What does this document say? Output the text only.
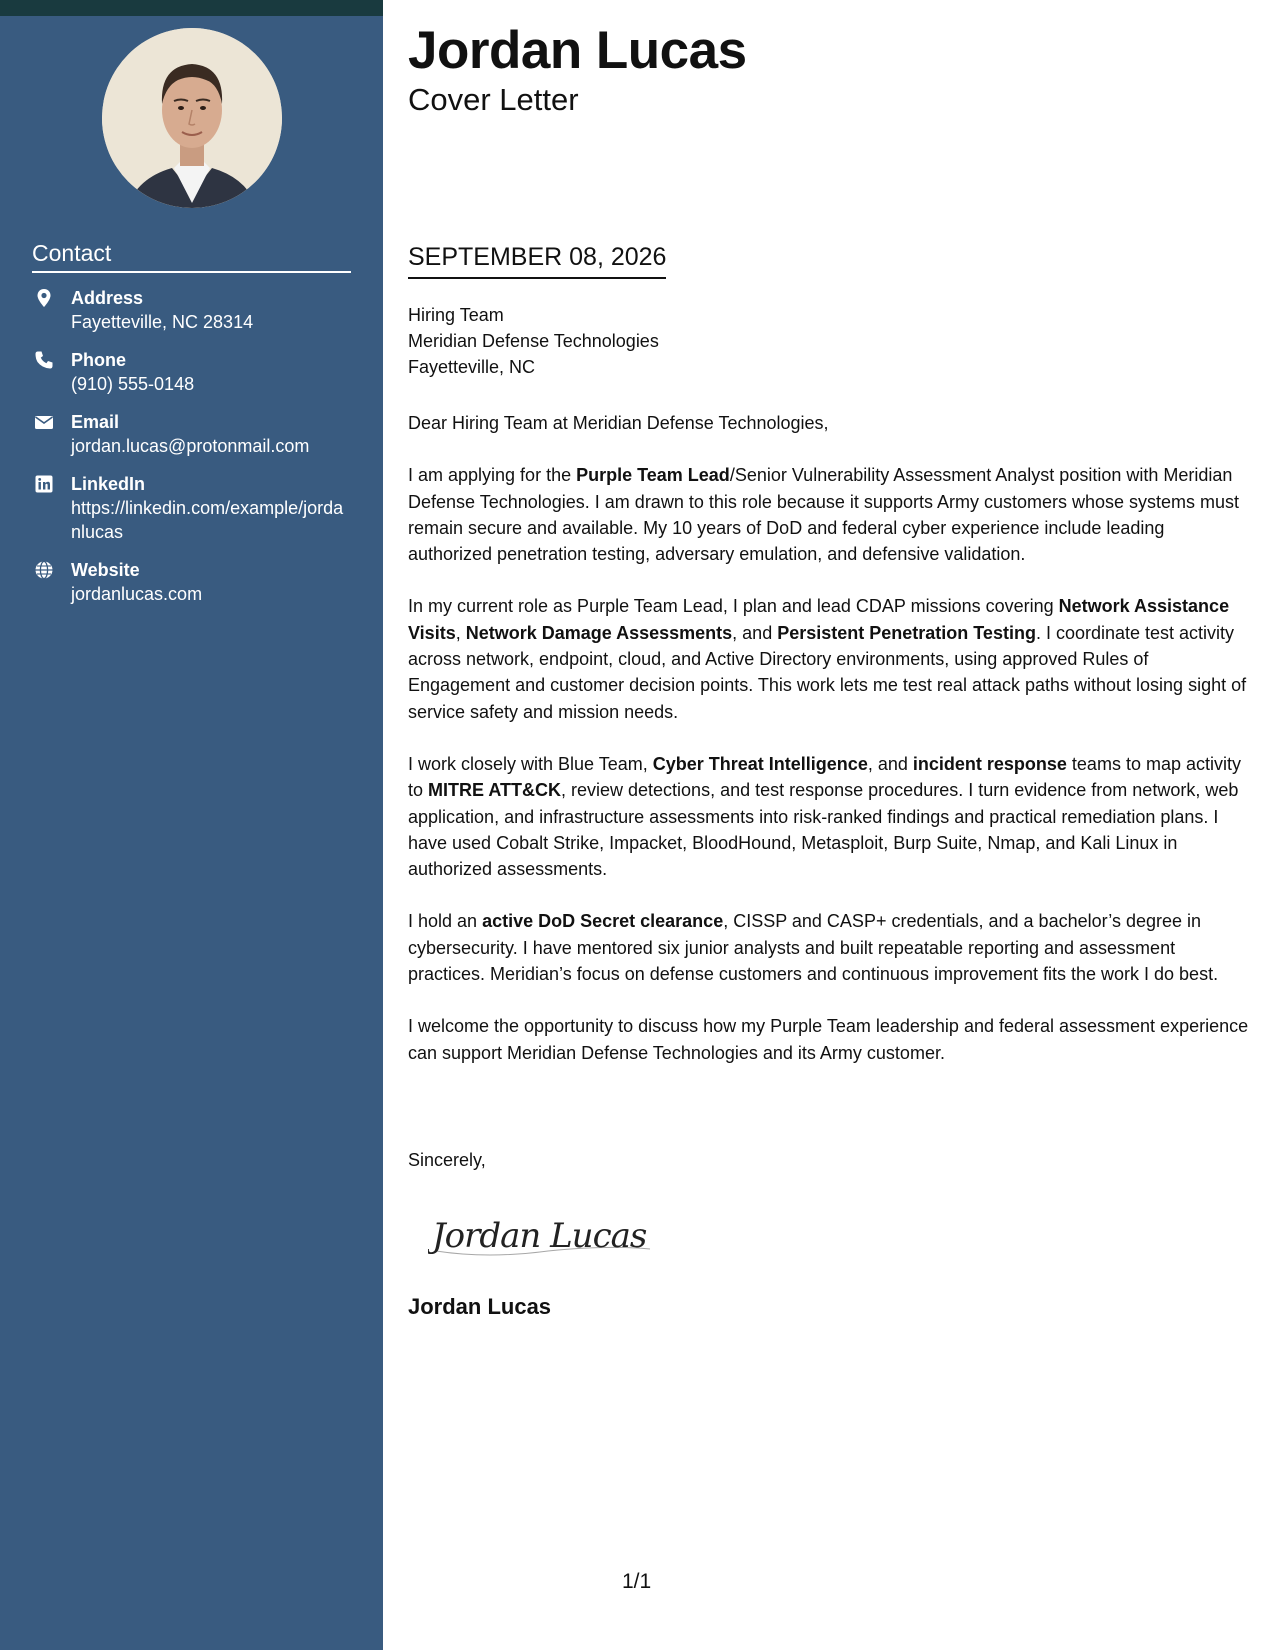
Contact
Address
Fayetteville, NC 28314
Phone
(910) 555-0148
Email
jordan.lucas@protonmail.com
LinkedIn
https://linkedin.com/example/jordanlucas
Website
jordanlucas.com
Jordan Lucas
Cover Letter
SEPTEMBER 08, 2026
Hiring Team
Meridian Defense Technologies
Fayetteville, NC

Dear Hiring Team at Meridian Defense Technologies,

I am applying for the Purple Team Lead/Senior Vulnerability Assessment Analyst position with Meridian Defense Technologies. I am drawn to this role because it supports Army customers whose systems must remain secure and available. My 10 years of DoD and federal cyber experience include leading authorized penetration testing, adversary emulation, and defensive validation.

In my current role as Purple Team Lead, I plan and lead CDAP missions covering Network Assistance Visits, Network Damage Assessments, and Persistent Penetration Testing. I coordinate test activity across network, endpoint, cloud, and Active Directory environments, using approved Rules of Engagement and customer decision points. This work lets me test real attack paths without losing sight of service safety and mission needs.

I work closely with Blue Team, Cyber Threat Intelligence, and incident response teams to map activity to MITRE ATT&CK, review detections, and test response procedures. I turn evidence from network, web application, and infrastructure assessments into risk-ranked findings and practical remediation plans. I have used Cobalt Strike, Impacket, BloodHound, Metasploit, Burp Suite, Nmap, and Kali Linux in authorized assessments.

I hold an active DoD Secret clearance, CISSP and CASP+ credentials, and a bachelor’s degree in cybersecurity. I have mentored six junior analysts and built repeatable reporting and assessment practices. Meridian’s focus on defense customers and continuous improvement fits the work I do best.

I welcome the opportunity to discuss how my Purple Team leadership and federal assessment experience can support Meridian Defense Technologies and its Army customer.

Sincerely,
Jordan Lucas
Jordan Lucas
1/1
